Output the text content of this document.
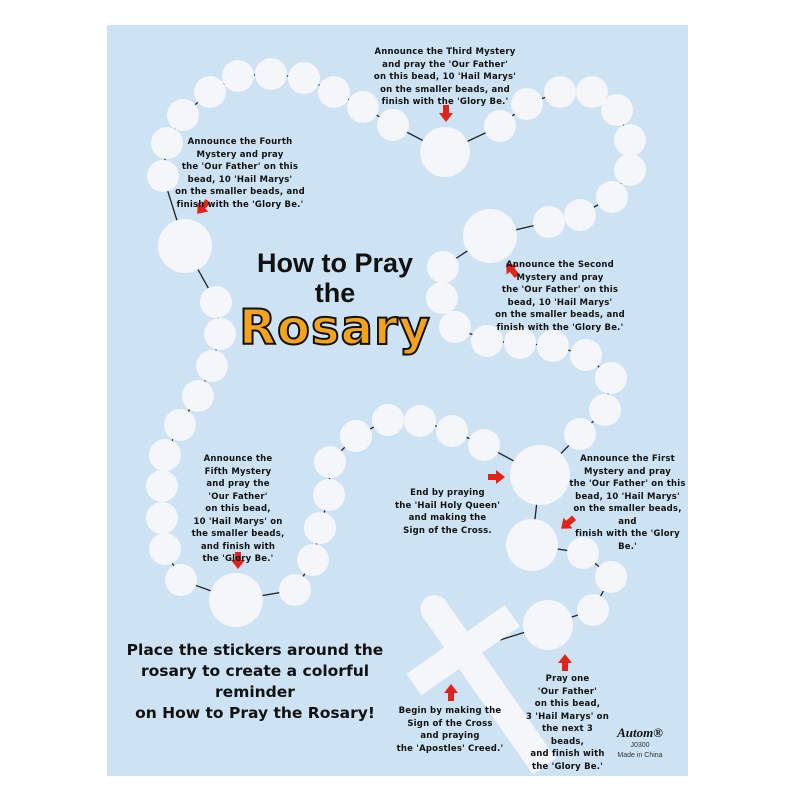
How to Pray
the
Rosary
Announce the Third Mystery
and pray the 'Our Father'
on this bead, 10 'Hail Marys'
on the smaller beads, and
finish with the 'Glory Be.'
Announce the Fourth
Mystery and pray
the 'Our Father' on this
bead, 10 'Hail Marys'
on the smaller beads, and
finish with the 'Glory Be.'
Announce the Second
Mystery and pray
the 'Our Father' on this
bead, 10 'Hail Marys'
on the smaller beads, and
finish with the 'Glory Be.'
Announce the First
Mystery and pray
the 'Our Father' on this
bead, 10 'Hail Marys'
on the smaller beads, and
finish with the 'Glory Be.'
Announce the
Fifth Mystery
and pray the
'Our Father'
on this bead,
10 'Hail Marys' on
the smaller beads,
and finish with
the 'Glory Be.'
End by praying
the 'Hail Holy Queen'
and making the
Sign of the Cross.
Begin by making the
Sign of the Cross
and praying
the 'Apostles' Creed.'
Pray one
'Our Father'
on this bead,
3 'Hail Marys' on
the next 3 beads,
and finish with
the 'Glory Be.'
Place the stickers around the
rosary to create a colorful reminder
on How to Pray the Rosary!
Autom®
J0300
Made in China
